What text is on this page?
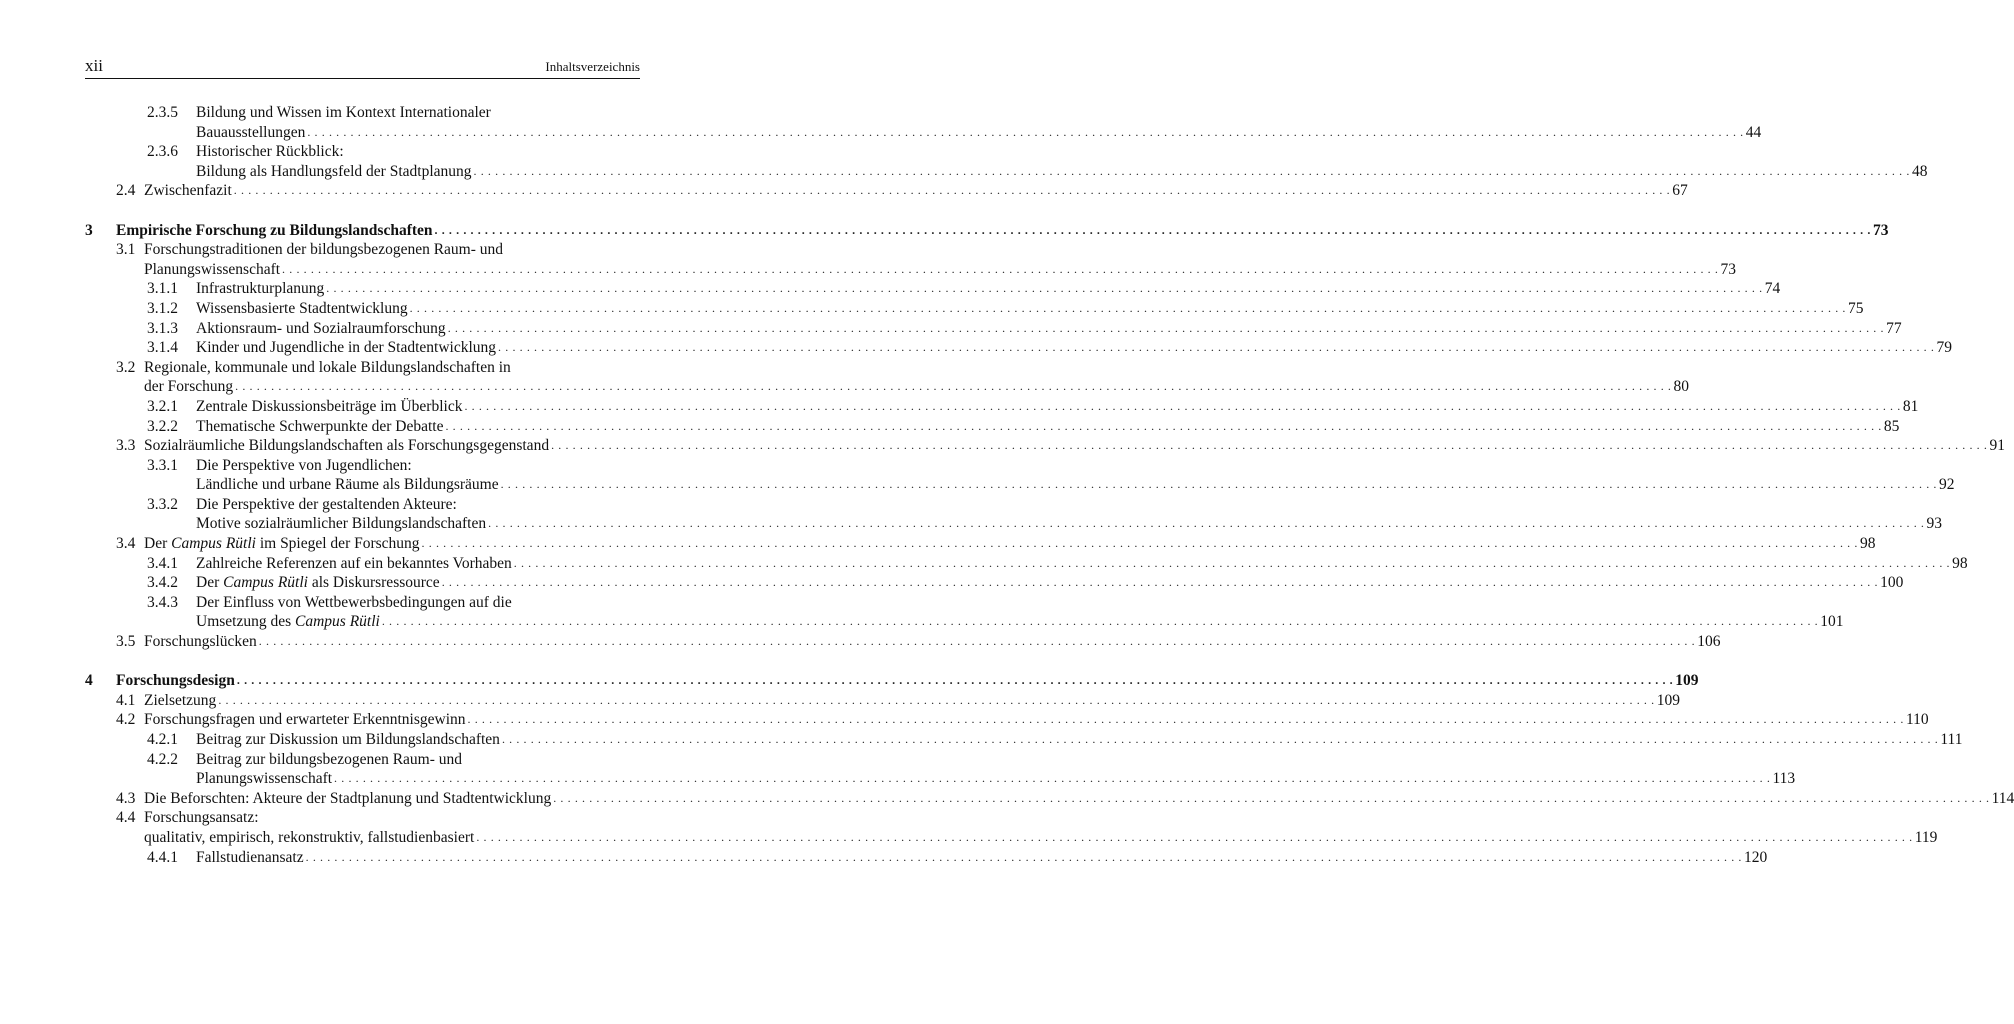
xii	Inhaltsverzeichnis
2.3.5 Bildung und Wissen im Kontext Internationaler
Bauausstellungen . . . . . . . . . . . . . . . . . . . . . . . . . . . . . . . . . . . . . . . . . . . . . . . . . . . . . . . . . . . . . . . . . . . . . . . . . . . . . . . . . . . . . . . . . . . . . . . . . . . . . . . . . . . . . . . . . . . . . . . . . . . . . . . . . . . . . . . . . . . . . . . . . . . . . . . . . . . . . . . . . . . . . . . . . . . . . . . . . . . . . . . . . . . . . . . . . . . . . . . . 44
2.3.6 Historischer Rückblick:
Bildung als Handlungsfeld der Stadtplanung . . . . . . . . . . . . . . . . . . . . . . . . . . . . . . . . . . . . . . . . . . . . . . . . . . . . . . . . . . . . . . . . . . . . . . . . . . . . . . . . . . . . . . . . . . . . . . . . . . . . . . . . . . . . . . . . . . . . . . . . . . . . . . . . . . . . . . . . . . . . . . . . . . . . . . . . . . . . . . . . . . . . . . . . . . . . . . . . . . . . . . . . . . . . . . . . . . . . . . . . 48
2.4 Zwischenfazit . . . . . . . . . . . . . . . . . . . . . . . . . . . . . . . . . . . . . . . . . . . . . . . . . . . . . . . . . . . . . . . . . . . . . . . . . . . . . . . . . . . . . . . . . . . . . . . . . . . . . . . . . . . . . . . . . . . . . . . . . . . . . . . . . . . . . . . . . . . . . . . . . . . . . . . . . . . . . . . . . . . . . . . . . . . . . . . . . . . . . . . . . . . . . . . . . . . . . . . . 67
3 Empirische Forschung zu Bildungslandschaften . . . . . . . . . . . . . . . . . . . . . . . . . . . . . . . . . . . . . . . . . . . . . . . . . . . . . . . . . . . . . . . . . . . . . . . . . . . . . . . . . . . . . . . . . . . . . . . . . . . . . . . . . . . . . . . . . . . . . . . . . . . . . . . . . . . . . . . . . . . . . . . . . . . . . . . . . . . . . . . . . . . . . . . . . . . . . . . . . . . . . . . . . . . . . . . . . . . . . . . . 73
3.1 Forschungstraditionen der bildungsbezogenen Raum- und
Planungswissenschaft . . . . . . . . . . . . . . . . . . . . . . . . . . . . . . . . . . . . . . . . . . . . . . . . . . . . . . . . . . . . . . . . . . . . . . . . . . . . . . . . . . . . . . . . . . . . . . . . . . . . . . . . . . . . . . . . . . . . . . . . . . . . . . . . . . . . . . . . . . . . . . . . . . . . . . . . . . . . . . . . . . . . . . . . . . . . . . . . . . . . . . . . . . . . . . . . . . . . . . . . 73
3.1.1 Infrastrukturplanung . . . . . . . . . . . . . . . . . . . . . . . . . . . . . . . . . . . . . . . . . . . . . . . . . . . . . . . . . . . . . . . . . . . . . . . . . . . . . . . . . . . . . . . . . . . . . . . . . . . . . . . . . . . . . . . . . . . . . . . . . . . . . . . . . . . . . . . . . . . . . . . . . . . . . . . . . . . . . . . . . . . . . . . . . . . . . . . . . . . . . . . . . . . . . . . . . . . . . . . . 74
3.1.2 Wissensbasierte Stadtentwicklung . . . . . . . . . . . . . . . . . . . . . . . . . . . . . . . . . . . . . . . . . . . . . . . . . . . . . . . . . . . . . . . . . . . . . . . . . . . . . . . . . . . . . . . . . . . . . . . . . . . . . . . . . . . . . . . . . . . . . . . . . . . . . . . . . . . . . . . . . . . . . . . . . . . . . . . . . . . . . . . . . . . . . . . . . . . . . . . . . . . . . . . . . . . . . . . . . . . . . . . . 75
3.1.3 Aktionsraum- und Sozialraumforschung . . . . . . . . . . . . . . . . . . . . . . . . . . . . . . . . . . . . . . . . . . . . . . . . . . . . . . . . . . . . . . . . . . . . . . . . . . . . . . . . . . . . . . . . . . . . . . . . . . . . . . . . . . . . . . . . . . . . . . . . . . . . . . . . . . . . . . . . . . . . . . . . . . . . . . . . . . . . . . . . . . . . . . . . . . . . . . . . . . . . . . . . . . . . . . . . . . . . . . . . 77
3.1.4 Kinder und Jugendliche in der Stadtentwicklung . . . . . . . . . . . . . . . . . . . . . . . . . . . . . . . . . . . . . . . . . . . . . . . . . . . . . . . . . . . . . . . . . . . . . . . . . . . . . . . . . . . . . . . . . . . . . . . . . . . . . . . . . . . . . . . . . . . . . . . . . . . . . . . . . . . . . . . . . . . . . . . . . . . . . . . . . . . . . . . . . . . . . . . . . . . . . . . . . . . . . . . . . . . . . . . . . . . . . . . . 79
3.2 Regionale, kommunale und lokale Bildungslandschaften in
der Forschung . . . . . . . . . . . . . . . . . . . . . . . . . . . . . . . . . . . . . . . . . . . . . . . . . . . . . . . . . . . . . . . . . . . . . . . . . . . . . . . . . . . . . . . . . . . . . . . . . . . . . . . . . . . . . . . . . . . . . . . . . . . . . . . . . . . . . . . . . . . . . . . . . . . . . . . . . . . . . . . . . . . . . . . . . . . . . . . . . . . . . . . . . . . . . . . . . . . . . . . . 80
3.2.1 Zentrale Diskussionsbeiträge im Überblick . . . . . . . . . . . . . . . . . . . . . . . . . . . . . . . . . . . . . . . . . . . . . . . . . . . . . . . . . . . . . . . . . . . . . . . . . . . . . . . . . . . . . . . . . . . . . . . . . . . . . . . . . . . . . . . . . . . . . . . . . . . . . . . . . . . . . . . . . . . . . . . . . . . . . . . . . . . . . . . . . . . . . . . . . . . . . . . . . . . . . . . . . . . . . . . . . . . . . . . . 81
3.2.2 Thematische Schwerpunkte der Debatte . . . . . . . . . . . . . . . . . . . . . . . . . . . . . . . . . . . . . . . . . . . . . . . . . . . . . . . . . . . . . . . . . . . . . . . . . . . . . . . . . . . . . . . . . . . . . . . . . . . . . . . . . . . . . . . . . . . . . . . . . . . . . . . . . . . . . . . . . . . . . . . . . . . . . . . . . . . . . . . . . . . . . . . . . . . . . . . . . . . . . . . . . . . . . . . . . . . . . . . . 85
3.3 Sozialräumliche Bildungslandschaften als Forschungsgegenstand . . . . . . . . . . . . . . . . . . . . . . . . . . . . . . . . . . . . . . . . . . . . . . . . . . . . . . . . . . . . . . . . . . . . . . . . . . . . . . . . . . . . . . . . . . . . . . . . . . . . . . . . . . . . . . . . . . . . . . . . . . . . . . . . . . . . . . . . . . . . . . . . . . . . . . . . . . . . . . . . . . . . . . . . . . . . . . . . . . . . . . . . . . . . . . . . . . . . . . . . 91
3.3.1 Die Perspektive von Jugendlichen:
Ländliche und urbane Räume als Bildungsräume . . . . . . . . . . . . . . . . . . . . . . . . . . . . . . . . . . . . . . . . . . . . . . . . . . . . . . . . . . . . . . . . . . . . . . . . . . . . . . . . . . . . . . . . . . . . . . . . . . . . . . . . . . . . . . . . . . . . . . . . . . . . . . . . . . . . . . . . . . . . . . . . . . . . . . . . . . . . . . . . . . . . . . . . . . . . . . . . . . . . . . . . . . . . . . . . . . . . . . . . 92
3.3.2 Die Perspektive der gestaltenden Akteure:
Motive sozialräumlicher Bildungslandschaften . . . . . . . . . . . . . . . . . . . . . . . . . . . . . . . . . . . . . . . . . . . . . . . . . . . . . . . . . . . . . . . . . . . . . . . . . . . . . . . . . . . . . . . . . . . . . . . . . . . . . . . . . . . . . . . . . . . . . . . . . . . . . . . . . . . . . . . . . . . . . . . . . . . . . . . . . . . . . . . . . . . . . . . . . . . . . . . . . . . . . . . . . . . . . . . . . . . . . . . . 93
3.4 Der Campus Rütli im Spiegel der Forschung . . . . . . . . . . . . . . . . . . . . . . . . . . . . . . . . . . . . . . . . . . . . . . . . . . . . . . . . . . . . . . . . . . . . . . . . . . . . . . . . . . . . . . . . . . . . . . . . . . . . . . . . . . . . . . . . . . . . . . . . . . . . . . . . . . . . . . . . . . . . . . . . . . . . . . . . . . . . . . . . . . . . . . . . . . . . . . . . . . . . . . . . . . . . . . . . . . . . . . . . 98
3.4.1 Zahlreiche Referenzen auf ein bekanntes Vorhaben . . . . . . . . . . . . . . . . . . . . . . . . . . . . . . . . . . . . . . . . . . . . . . . . . . . . . . . . . . . . . . . . . . . . . . . . . . . . . . . . . . . . . . . . . . . . . . . . . . . . . . . . . . . . . . . . . . . . . . . . . . . . . . . . . . . . . . . . . . . . . . . . . . . . . . . . . . . . . . . . . . . . . . . . . . . . . . . . . . . . . . . . . . . . . . . . . . . . . . . . 98
3.4.2 Der Campus Rütli als Diskursressource . . . . . . . . . . . . . . . . . . . . . . . . . . . . . . . . . . . . . . . . . . . . . . . . . . . . . . . . . . . . . . . . . . . . . . . . . . . . . . . . . . . . . . . . . . . . . . . . . . . . . . . . . . . . . . . . . . . . . . . . . . . . . . . . . . . . . . . . . . . . . . . . . . . . . . . . . . . . . . . . . . . . . . . . . . . . . . . . . . . . . . . . . . . . . . . . . . . . . . . . 100
3.4.3 Der Einfluss von Wettbewerbsbedingungen auf die
Umsetzung des Campus Rütli . . . . . . . . . . . . . . . . . . . . . . . . . . . . . . . . . . . . . . . . . . . . . . . . . . . . . . . . . . . . . . . . . . . . . . . . . . . . . . . . . . . . . . . . . . . . . . . . . . . . . . . . . . . . . . . . . . . . . . . . . . . . . . . . . . . . . . . . . . . . . . . . . . . . . . . . . . . . . . . . . . . . . . . . . . . . . . . . . . . . . . . . . . . . . . . . . . . . . . . . 101
3.5 Forschungslücken . . . . . . . . . . . . . . . . . . . . . . . . . . . . . . . . . . . . . . . . . . . . . . . . . . . . . . . . . . . . . . . . . . . . . . . . . . . . . . . . . . . . . . . . . . . . . . . . . . . . . . . . . . . . . . . . . . . . . . . . . . . . . . . . . . . . . . . . . . . . . . . . . . . . . . . . . . . . . . . . . . . . . . . . . . . . . . . . . . . . . . . . . . . . . . . . . . . . . . . . 106
4 Forschungsdesign . . . . . . . . . . . . . . . . . . . . . . . . . . . . . . . . . . . . . . . . . . . . . . . . . . . . . . . . . . . . . . . . . . . . . . . . . . . . . . . . . . . . . . . . . . . . . . . . . . . . . . . . . . . . . . . . . . . . . . . . . . . . . . . . . . . . . . . . . . . . . . . . . . . . . . . . . . . . . . . . . . . . . . . . . . . . . . . . . . . . . . . . . . . . . . . . . . . . . . . . 109
4.1 Zielsetzung . . . . . . . . . . . . . . . . . . . . . . . . . . . . . . . . . . . . . . . . . . . . . . . . . . . . . . . . . . . . . . . . . . . . . . . . . . . . . . . . . . . . . . . . . . . . . . . . . . . . . . . . . . . . . . . . . . . . . . . . . . . . . . . . . . . . . . . . . . . . . . . . . . . . . . . . . . . . . . . . . . . . . . . . . . . . . . . . . . . . . . . . . . . . . . . . . . . . . . . . 109
4.2 Forschungsfragen und erwarteter Erkenntnisgewinn . . . . . . . . . . . . . . . . . . . . . . . . . . . . . . . . . . . . . . . . . . . . . . . . . . . . . . . . . . . . . . . . . . . . . . . . . . . . . . . . . . . . . . . . . . . . . . . . . . . . . . . . . . . . . . . . . . . . . . . . . . . . . . . . . . . . . . . . . . . . . . . . . . . . . . . . . . . . . . . . . . . . . . . . . . . . . . . . . . . . . . . . . . . . . . . . . . . . . . . . 110
4.2.1 Beitrag zur Diskussion um Bildungslandschaften . . . . . . . . . . . . . . . . . . . . . . . . . . . . . . . . . . . . . . . . . . . . . . . . . . . . . . . . . . . . . . . . . . . . . . . . . . . . . . . . . . . . . . . . . . . . . . . . . . . . . . . . . . . . . . . . . . . . . . . . . . . . . . . . . . . . . . . . . . . . . . . . . . . . . . . . . . . . . . . . . . . . . . . . . . . . . . . . . . . . . . . . . . . . . . . . . . . . . . . . 111
4.2.2 Beitrag zur bildungsbezogenen Raum- und
Planungswissenschaft . . . . . . . . . . . . . . . . . . . . . . . . . . . . . . . . . . . . . . . . . . . . . . . . . . . . . . . . . . . . . . . . . . . . . . . . . . . . . . . . . . . . . . . . . . . . . . . . . . . . . . . . . . . . . . . . . . . . . . . . . . . . . . . . . . . . . . . . . . . . . . . . . . . . . . . . . . . . . . . . . . . . . . . . . . . . . . . . . . . . . . . . . . . . . . . . . . . . . . . . 113
4.3 Die Beforschten: Akteure der Stadtplanung und Stadtentwicklung . . . . . . . . . . . . . . . . . . . . . . . . . . . . . . . . . . . . . . . . . . . . . . . . . . . . . . . . . . . . . . . . . . . . . . . . . . . . . . . . . . . . . . . . . . . . . . . . . . . . . . . . . . . . . . . . . . . . . . . . . . . . . . . . . . . . . . . . . . . . . . . . . . . . . . . . . . . . . . . . . . . . . . . . . . . . . . . . . . . . . . . . . . . . . . . . . . . . . . . . 114
4.4 Forschungsansatz:
qualitativ, empirisch, rekonstruktiv, fallstudienbasiert . . . . . . . . . . . . . . . . . . . . . . . . . . . . . . . . . . . . . . . . . . . . . . . . . . . . . . . . . . . . . . . . . . . . . . . . . . . . . . . . . . . . . . . . . . . . . . . . . . . . . . . . . . . . . . . . . . . . . . . . . . . . . . . . . . . . . . . . . . . . . . . . . . . . . . . . . . . . . . . . . . . . . . . . . . . . . . . . . . . . . . . . . . . . . . . . . . . . . . . . 119
4.4.1 Fallstudienansatz . . . . . . . . . . . . . . . . . . . . . . . . . . . . . . . . . . . . . . . . . . . . . . . . . . . . . . . . . . . . . . . . . . . . . . . . . . . . . . . . . . . . . . . . . . . . . . . . . . . . . . . . . . . . . . . . . . . . . . . . . . . . . . . . . . . . . . . . . . . . . . . . . . . . . . . . . . . . . . . . . . . . . . . . . . . . . . . . . . . . . . . . . . . . . . . . . . . . . . . . 120
